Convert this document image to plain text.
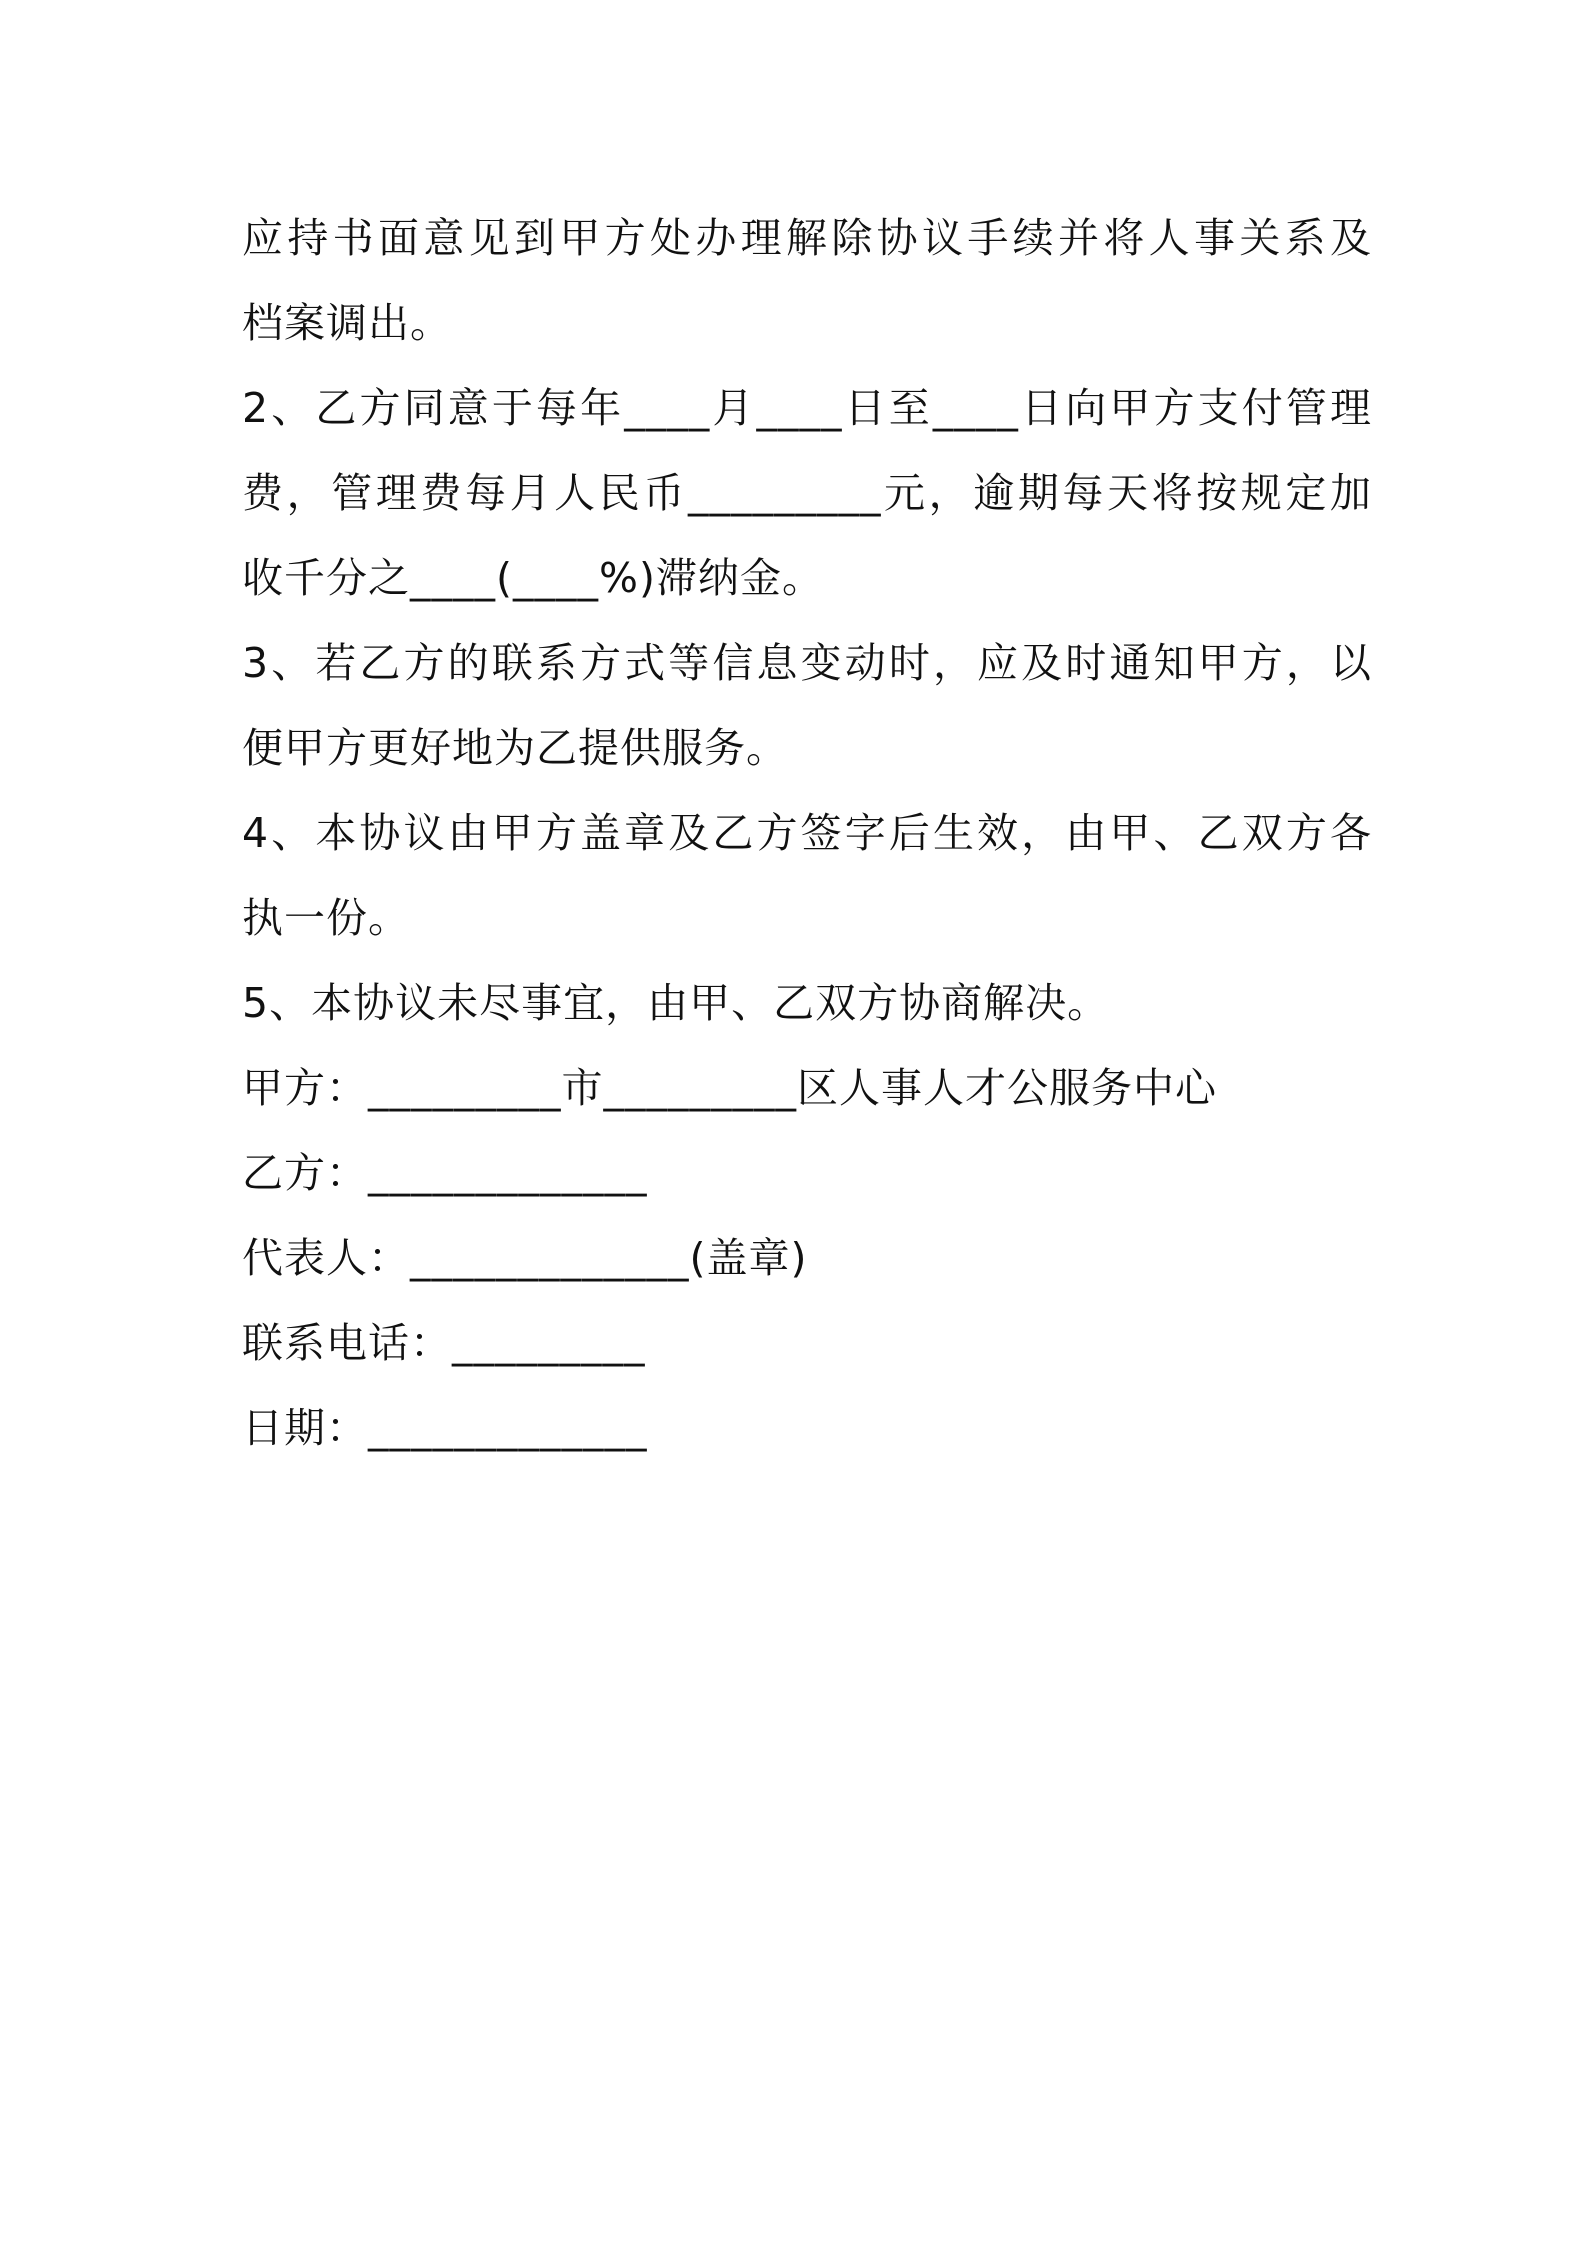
应持书面意见到甲方处办理解除协议手续并将人事关系及
档案调出。
2、乙方同意于每年____月____日至____日向甲方支付管理
费，管理费每月人民币_________元，逾期每天将按规定加
收千分之____(____%)滞纳金。
3、若乙方的联系方式等信息变动时，应及时通知甲方，以
便甲方更好地为乙提供服务。
4、本协议由甲方盖章及乙方签字后生效，由甲、乙双方各
执一份。
5、本协议未尽事宜，由甲、乙双方协商解决。
甲方：_________市_________区人事人才公服务中心
乙方：_____________
代表人：_____________(盖章)
联系电话：_________
日期：_____________
